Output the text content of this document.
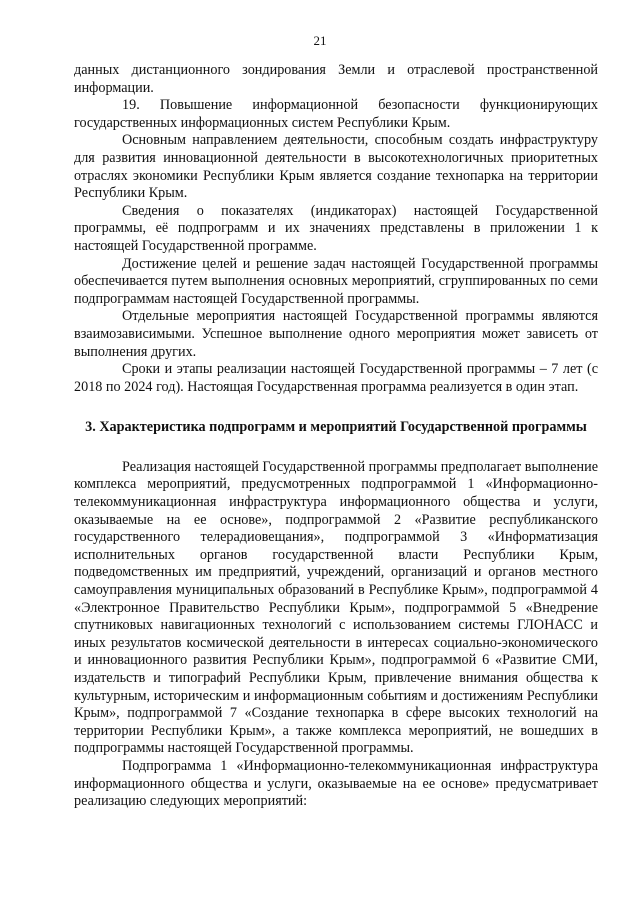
21

данных дистанционного зондирования Земли и отраслевой пространственной информации.

19. Повышение информационной безопасности функционирующих государственных информационных систем Республики Крым.

Основным направлением деятельности, способным создать инфраструктуру для развития инновационной деятельности в высокотехнологичных приоритетных отраслях экономики Республики Крым является создание технопарка на территории Республики Крым.

Сведения о показателях (индикаторах) настоящей Государственной программы, её подпрограмм и их значениях представлены в приложении 1 к настоящей Государственной программе.

Достижение целей и решение задач настоящей Государственной программы обеспечивается путем выполнения основных мероприятий, сгруппированных по семи подпрограммам настоящей Государственной программы.

Отдельные мероприятия настоящей Государственной программы являются взаимозависимыми. Успешное выполнение одного мероприятия может зависеть от выполнения других.

Сроки и этапы реализации настоящей Государственной программы – 7 лет (с 2018 по 2024 год). Настоящая Государственная программа реализуется в один этап.

3. Характеристика подпрограмм и мероприятий Государственной программы

Реализация настоящей Государственной программы предполагает выполнение комплекса мероприятий, предусмотренных подпрограммой 1 «Информационно-телекоммуникационная инфраструктура информационного общества и услуги, оказываемые на ее основе», подпрограммой 2 «Развитие республиканского государственного телерадиовещания», подпрограммой 3 «Информатизация исполнительных органов государственной власти Республики Крым, подведомственных им предприятий, учреждений, организаций и органов местного самоуправления муниципальных образований в Республике Крым», подпрограммой 4 «Электронное Правительство Республики Крым», подпрограммой 5 «Внедрение спутниковых навигационных технологий с использованием системы ГЛОНАСС и иных результатов космической деятельности в интересах социально-экономического и инновационного развития Республики Крым», подпрограммой 6 «Развитие СМИ, издательств и типографий Республики Крым, привлечение внимания общества к культурным, историческим и информационным событиям и достижениям Республики Крым», подпрограммой 7 «Создание технопарка в сфере высоких технологий на территории Республики Крым», а также комплекса мероприятий, не вошедших в подпрограммы настоящей Государственной программы.

Подпрограмма 1 «Информационно-телекоммуникационная инфраструктура информационного общества и услуги, оказываемые на ее основе» предусматривает реализацию следующих мероприятий:
